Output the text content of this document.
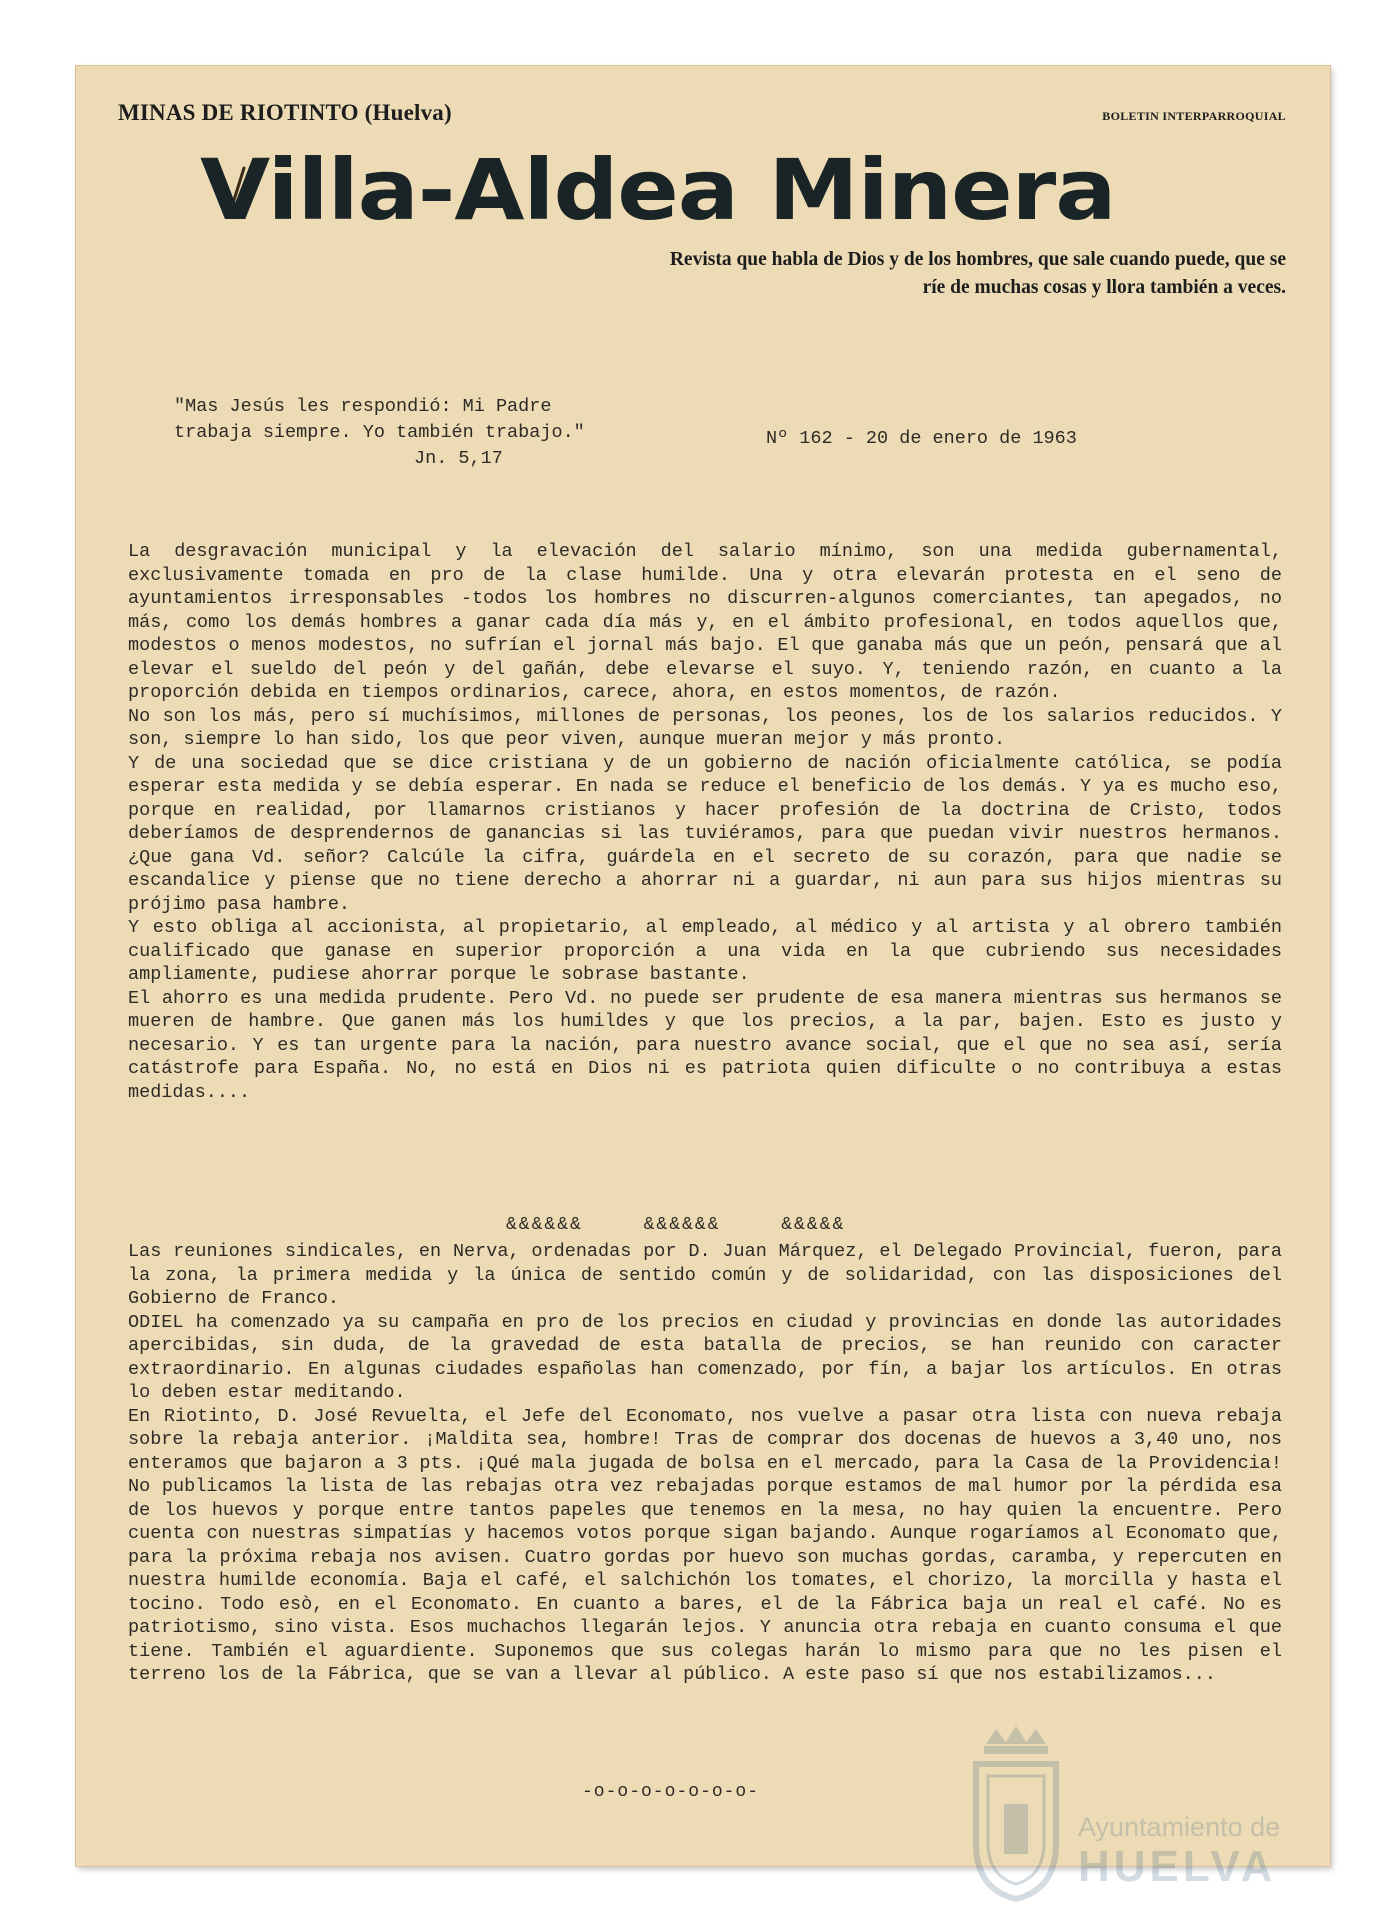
MINAS DE RIOTINTO (Huelva)	BOLETIN INTERPARROQUIAL
Villa-Aldea Minera
Revista que habla de Dios y de los hombres, que sale cuando puede, que se ríe de muchas cosas y llora también a veces.

"Mas Jesús les respondió: Mi Padre
trabaja siempre. Yo también trabajo."

Jn. 5,17

Nº 162 - 20 de enero de 1963

La desgravación municipal y la elevación del salario mínimo, son una medida gubernamental, exclusivamente tomada en pro de la clase humilde. Una y otra elevarán protesta en el seno de ayuntamientos irresponsables -todos los hombres no discurren-algunos comerciantes, tan apegados, no más, como los demás hombres a ganar cada día más y, en el ámbito profesional, en todos aquellos que, modestos o menos modestos, no sufrían el jornal más bajo. El que ganaba más que un peón, pensará que al elevar el sueldo del peón y del gañán, debe elevarse el suyo. Y, teniendo razón, en cuanto a la proporción debida en tiempos ordinarios, carece, ahora, en estos momentos, de razón.

No son los más, pero sí muchísimos, millones de personas, los peones, los de los salarios reducidos. Y son, siempre lo han sido, los que peor viven, aunque mueran mejor y más pronto.

Y de una sociedad que se dice cristiana y de un gobierno de nación oficialmente católica, se podía esperar esta medida y se debía esperar. En nada se reduce el beneficio de los demás. Y ya es mucho eso, porque en realidad, por llamarnos cristianos y hacer profesión de la doctrina de Cristo, todos deberíamos de desprendernos de ganancias si las tuviéramos, para que puedan vivir nuestros hermanos. ¿Que gana Vd. señor? Calcúle la cifra, guárdela en el secreto de su corazón, para que nadie se escandalice y piense que no tiene derecho a ahorrar ni a guardar, ni aun para sus hijos mientras su prójimo pasa hambre.

Y esto obliga al accionista, al propietario, al empleado, al médico y al artista y al obrero también cualificado que ganase en superior proporción a una vida en la que cubriendo sus necesidades ampliamente, pudiese ahorrar porque le sobrase bastante.

El ahorro es una medida prudente. Pero Vd. no puede ser prudente de esa manera mientras sus hermanos se mueren de hambre. Que ganen más los humildes y que los precios, a la par, bajen. Esto es justo y necesario. Y es tan urgente para la nación, para nuestro avance social, que el que no sea así, sería catástrofe para España. No, no está en Dios ni es patriota quien dificulte o no contribuya a estas medidas....

&&&&&&	&&&&&&	&&&&&

Las reuniones sindicales, en Nerva, ordenadas por D. Juan Márquez, el Delegado Provincial, fueron, para la zona, la primera medida y la única de sentido común y de solidaridad, con las disposiciones del Gobierno de Franco.

ODIEL ha comenzado ya su campaña en pro de los precios en ciudad y provincias en donde las autoridades apercibidas, sin duda, de la gravedad de esta batalla de precios, se han reunido con caracter extraordinario. En algunas ciudades españolas han comenzado, por fín, a bajar los artículos. En otras lo deben estar meditando.

En Riotinto, D. José Revuelta, el Jefe del Economato, nos vuelve a pasar otra lista con nueva rebaja sobre la rebaja anterior. ¡Maldita sea, hombre! Tras de comprar dos docenas de huevos a 3,40 uno, nos enteramos que bajaron a 3 pts. ¡Qué mala jugada de bolsa en el mercado, para la Casa de la Providencia! No publicamos la lista de las rebajas otra vez rebajadas porque estamos de mal humor por la pérdida esa de los huevos y porque entre tantos papeles que tenemos en la mesa, no hay quien la encuentre. Pero cuenta con nuestras simpatías y hacemos votos porque sigan bajando. Aunque rogaríamos al Economato que, para la próxima rebaja nos avisen. Cuatro gordas por huevo son muchas gordas, caramba, y repercuten en nuestra humilde economía. Baja el café, el salchichón los tomates, el chorizo, la morcilla y hasta el tocino. Todo esò, en el Economato. En cuanto a bares, el de la Fábrica baja un real el café. No es patriotismo, sino vista. Esos muchachos llegarán lejos. Y anuncia otra rebaja en cuanto consuma el que tiene. También el aguardiente. Suponemos que sus colegas harán lo mismo para que no les pisen el terreno los de la Fábrica, que se van a llevar al público. A este paso sí que nos estabilizamos...

-o-o-o-o-o-o-o-
Ayuntamiento de
HUELVA
